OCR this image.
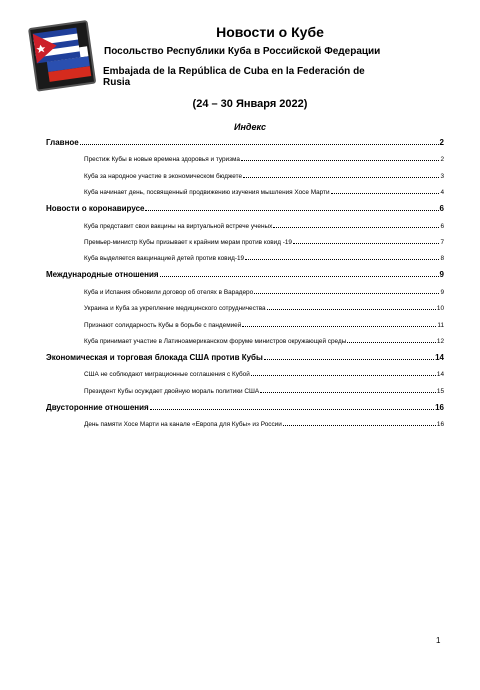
Новости о Кубе
Посольство Республики Куба в Российской Федерации
Embajada de la República de Cuba en la Federación de Rusia
(24 – 30 Января 2022)
Индекс
Главное	2
Престиж Кубы в новые времена здоровья и туризма	2
Куба за народное участие в экономическом бюджете	3
Куба начинает день, посвященный продвижению изучения мышления Хосе Марти	4
Новости о коронавирусе	6
Куба представит свои вакцины на виртуальной встрече ученых	6
Премьер-министр Кубы призывает к крайним мерам против ковид -19	7
Куба выделяется вакцинацией детей против ковид-19	8
Международные отношения	9
Куба и Испания обновили договор об отелях в Варадеро	9
Украина и Куба за укрепление медицинского сотрудничества	10
Признают солидарность Кубы в борьбе с пандемией	11
Куба принимает участие в Латиноамериканском форуме министров окружающей среды	12
Экономическая и торговая блокада США против Кубы	14
США не соблюдают миграционные соглашения с Кубой	14
Президент Кубы осуждает двойную мораль политики США	15
Двусторонние отношения	16
День памяти Хосе Марти на канале «Европа для Кубы» из России	16
1
